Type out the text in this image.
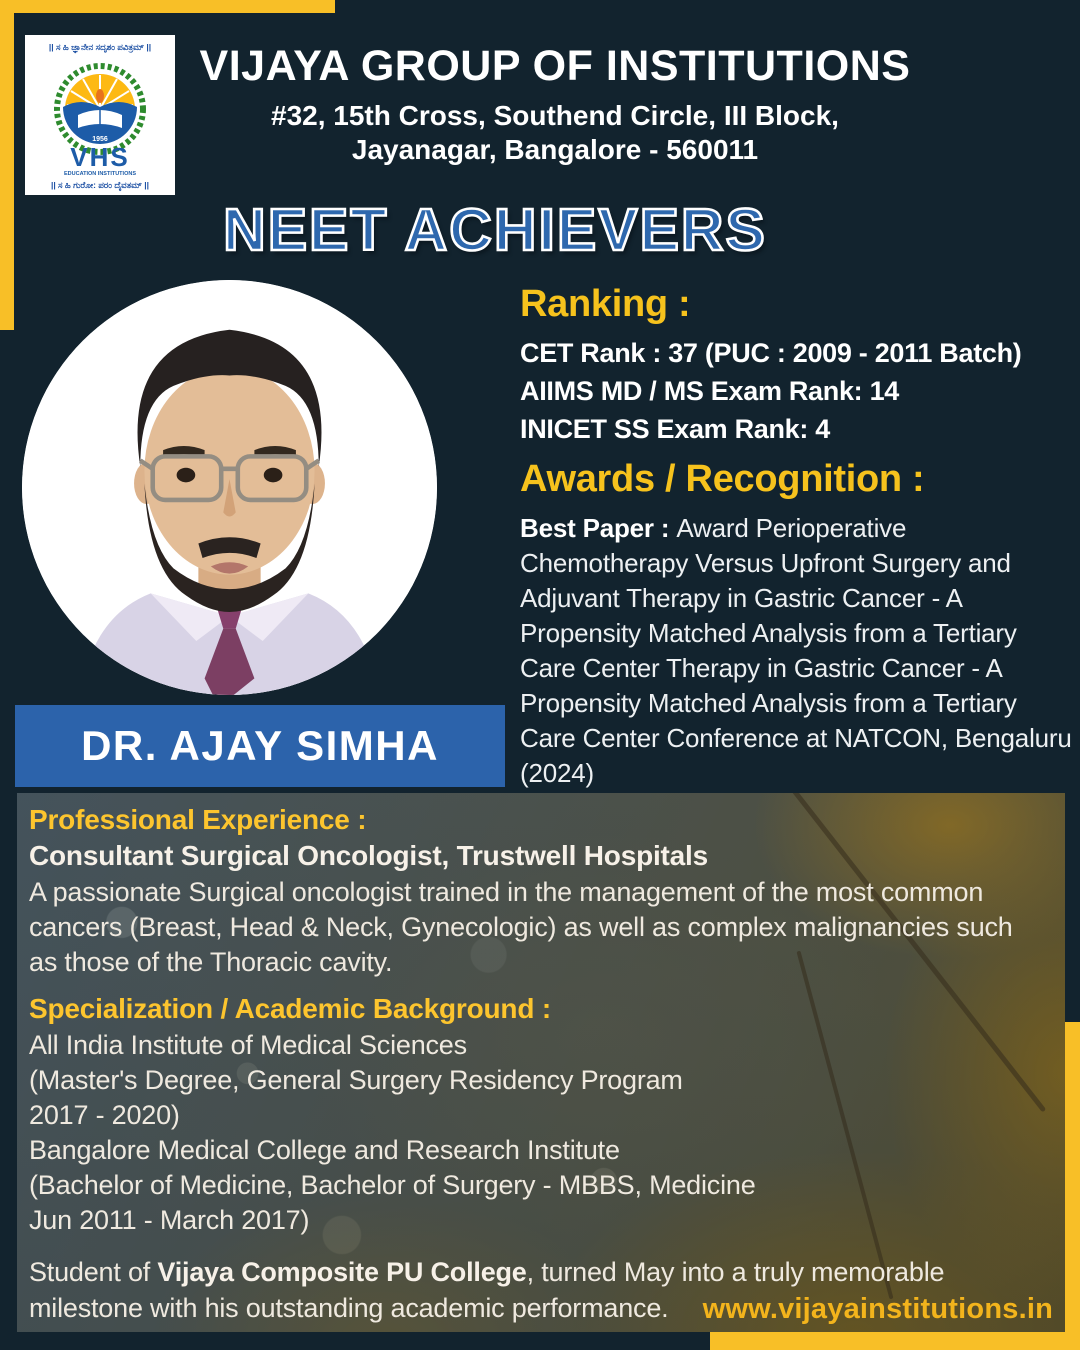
|| ಸ ಹಿ ಜ್ಞಾನೇನ ಸದೃಶಂ ಪವಿತ್ರಮ್ ||
1956
VHS
EDUCATION INSTITUTIONS
|| ಸ ಹಿ ಗುರೋ: ಪರಂ ದೈವತಮ್ ||
VIJAYA GROUP OF INSTITUTIONS
#32, 15th Cross, Southend Circle, III Block,
Jayanagar, Bangalore - 560011
NEET ACHIEVERS
DR. AJAY SIMHA
Ranking :
CET Rank : 37 (PUC : 2009 - 2011 Batch)
AIIMS MD / MS Exam Rank: 14
INICET SS Exam Rank: 4
Awards / Recognition :
Best Paper : Award Perioperative Chemotherapy Versus Upfront Surgery and Adjuvant Therapy in Gastric Cancer - A Propensity Matched Analysis from a Tertiary Care Center Therapy in Gastric Cancer - A Propensity Matched Analysis from a Tertiary Care Center Conference at NATCON, Bengaluru (2024)
Professional Experience :
Consultant Surgical Oncologist, Trustwell Hospitals
A passionate Surgical oncologist trained in the management of the most common cancers (Breast, Head & Neck, Gynecologic) as well as complex malignancies such as those of the Thoracic cavity.
Specialization / Academic Background :
All India Institute of Medical Sciences
(Master's Degree, General Surgery Residency Program
2017 - 2020)
Bangalore Medical College and Research Institute
(Bachelor of Medicine, Bachelor of Surgery - MBBS, Medicine
Jun 2011 - March 2017)
Student of Vijaya Composite PU College, turned May into a truly memorable milestone with his outstanding academic performance.	www.vijayainstitutions.in
